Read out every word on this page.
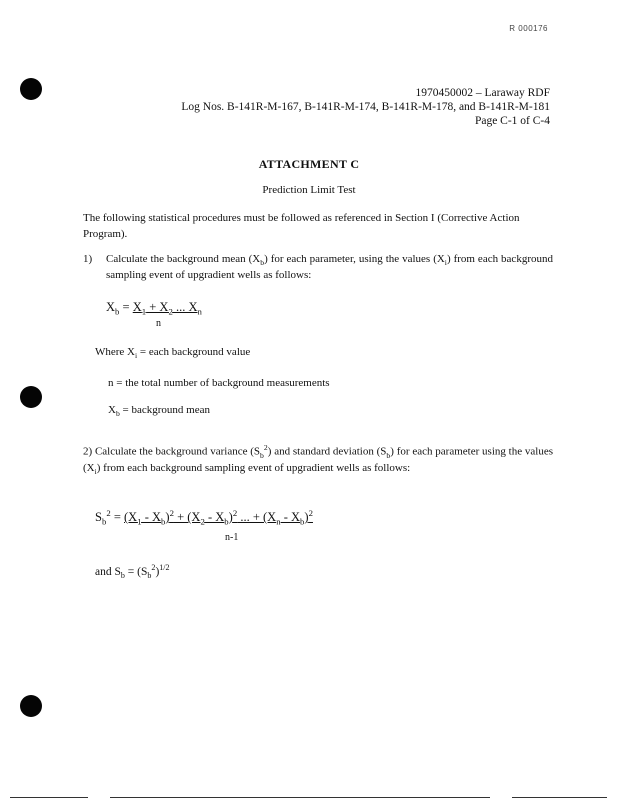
R 000176
1970450002 – Laraway RDF
Log Nos. B-141R-M-167, B-141R-M-174, B-141R-M-178, and B-141R-M-181
Page C-1 of C-4
ATTACHMENT C
Prediction Limit Test
The following statistical procedures must be followed as referenced in Section I (Corrective Action Program).
1) Calculate the background mean $(X_b)$ for each parameter, using the values $(X_i)$ from each background sampling event of upgradient wells as follows:
$X_b = X_1 + X_2$ ... $X_n$
n
Where $X_i$ = each background value
n = the total number of background measurements
$X_b$ = background mean
2) Calculate the background variance $(S_b^2)$ and standard deviation $(S_b)$ for each parameter using the values $(X_i)$ from each background sampling event of upgradient wells as follows:
$S_b^2 = (X_1 - X_b)^2 + (X_2 - X_b)^2$ ... + $(X_n - X_b)^2$
n-1
and $S_b = (S_b^2)^{1/2}$
